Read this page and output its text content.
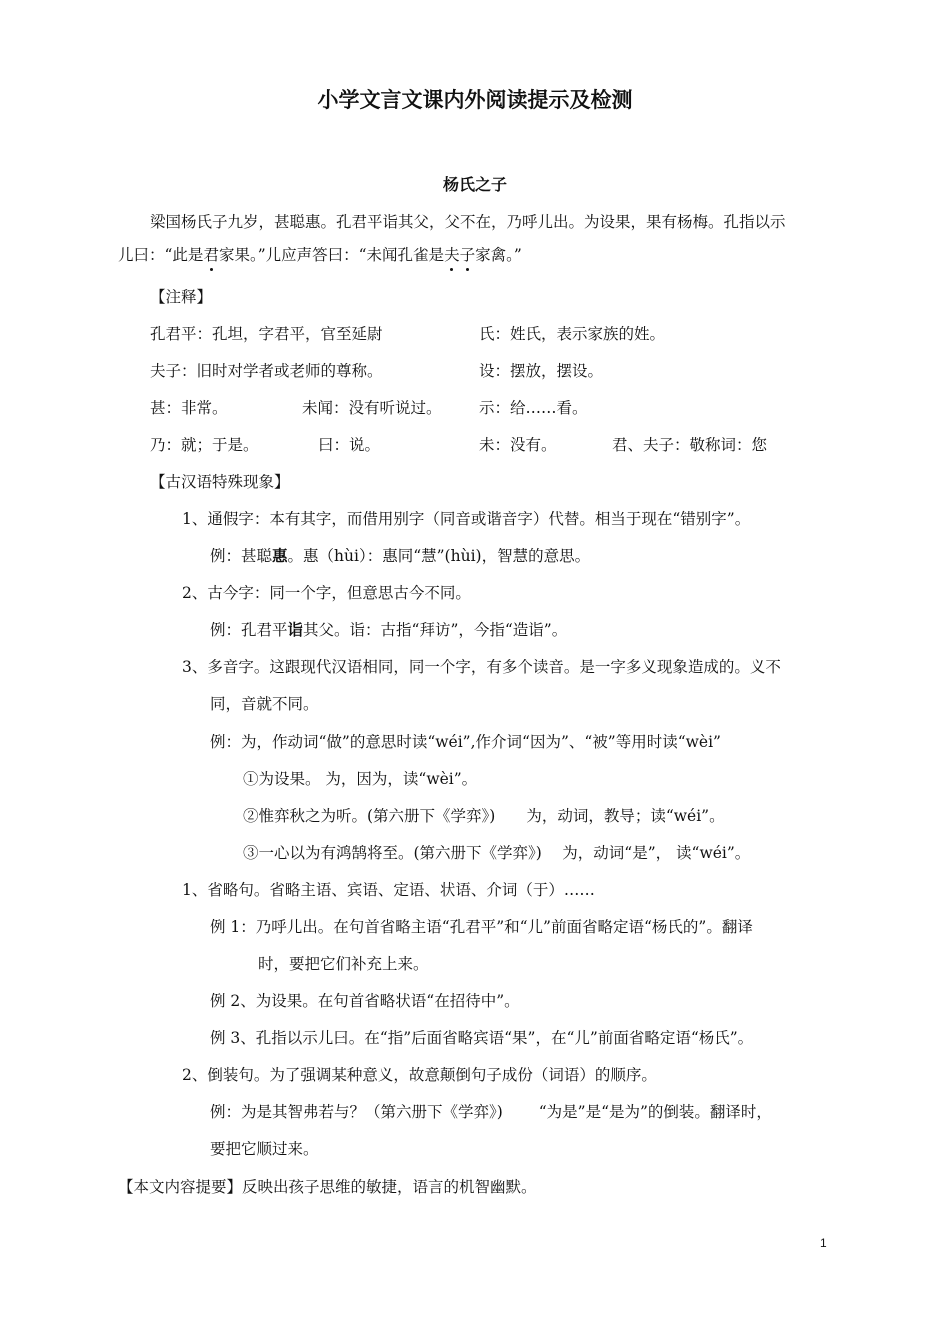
小学文言文课内外阅读提示及检测
杨氏之子
梁国杨氏子九岁，甚聪惠。孔君平诣其父，父不在，乃呼儿出。为设果，果有杨梅。孔指以示
儿曰：“此是君家果。”儿应声答曰：“未闻孔雀是夫子家禽。”
【注释】
孔君平：孔坦，字君平，官至延尉	氏：姓氏，表示家族的姓。
夫子：旧时对学者或老师的尊称。	设：摆放，摆设。
甚：非常。	未闻：没有听说过。 示：给……看。
乃：就；于是。	曰：说。	未：没有。	君、夫子：敬称词：您
【古汉语特殊现象】
1、通假字：本有其字，而借用别字（同音或谐音字）代替。相当于现在“错别字”。
例：甚聪惠。惠（hùi）：惠同“慧”(hùi)，智慧的意思。
2、古今字：同一个字，但意思古今不同。
例：孔君平诣其父。诣：古指“拜访”，今指“造诣”。
3、多音字。这跟现代汉语相同，同一个字，有多个读音。是一字多义现象造成的。义不
同，音就不同。
例：为，作动词“做”的意思时读“wéi”,作介词“因为”、“被”等用时读“wèi”
①为设果。 为，因为，读“wèi”。
②惟弈秋之为听。(第六册下《学弈》)　　为，动词，教导；读“wéi”。
③一心以为有鸿鹄将至。(第六册下《学弈》)　 为，动词“是”， 读“wéi”。
1、省略句。省略主语、宾语、定语、状语、介词（于）……
例 1：乃呼儿出。在句首省略主语“孔君平”和“儿”前面省略定语“杨氏的”。翻译
时，要把它们补充上来。
例 2、为设果。在句首省略状语“在招待中”。
例 3、孔指以示儿曰。在“指”后面省略宾语“果”，在“儿”前面省略定语“杨氏”。
2、倒装句。为了强调某种意义，故意颠倒句子成份（词语）的顺序。
例：为是其智弗若与？（第六册下《学弈》)　　 “为是”是“是为”的倒装。翻译时，
要把它顺过来。
【本文内容提要】反映出孩子思维的敏捷，语言的机智幽默。
1
